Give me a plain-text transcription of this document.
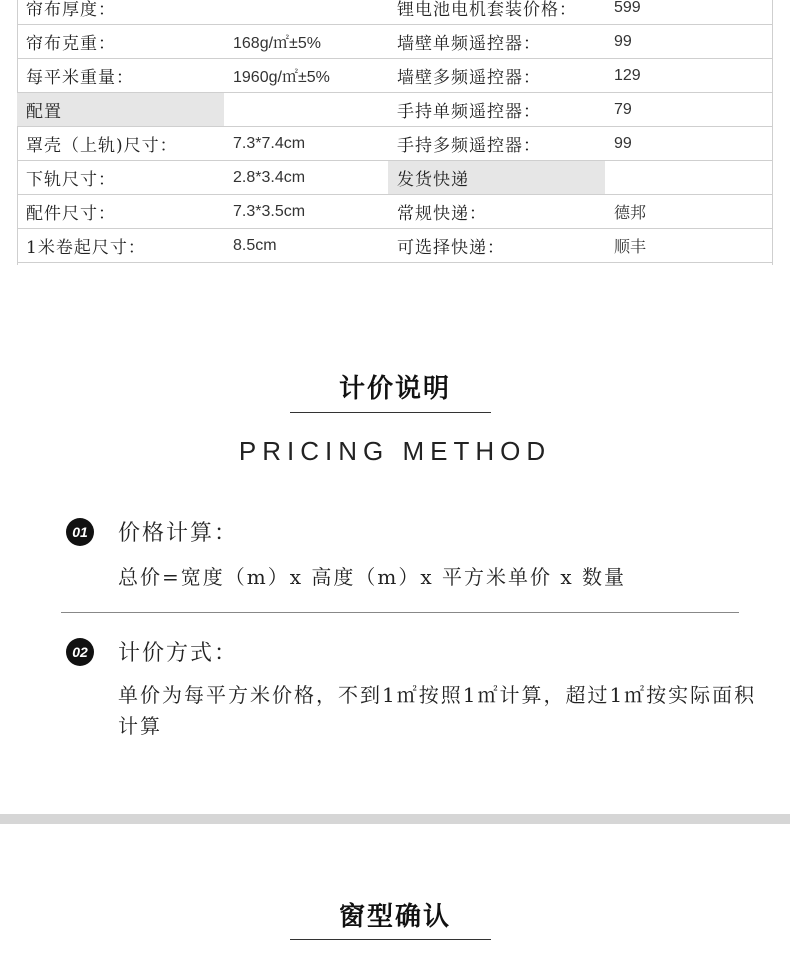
帘布厚度：		锂电池电机套装价格：	599
帘布克重：	168g/㎡±5%	墙壁单频遥控器：	99
每平米重量：	1960g/㎡±5%	墙壁多频遥控器：	129
配置		手持单频遥控器：	79
罩壳（上轨)尺寸：	7.3*7.4cm	手持多频遥控器：	99
下轨尺寸：	2.8*3.4cm	发货快递	
配件尺寸：	7.3*3.5cm	常规快递：	德邦
1米卷起尺寸：	8.5cm	可选择快递：	顺丰
计价说明
PRICING METHOD
01 价格计算：
总价=宽度（m）x 高度（m）x 平方米单价 x 数量
02 计价方式：
单价为每平方米价格，不到1㎡按照1㎡计算，超过1㎡按实际面积计算
窗型确认
